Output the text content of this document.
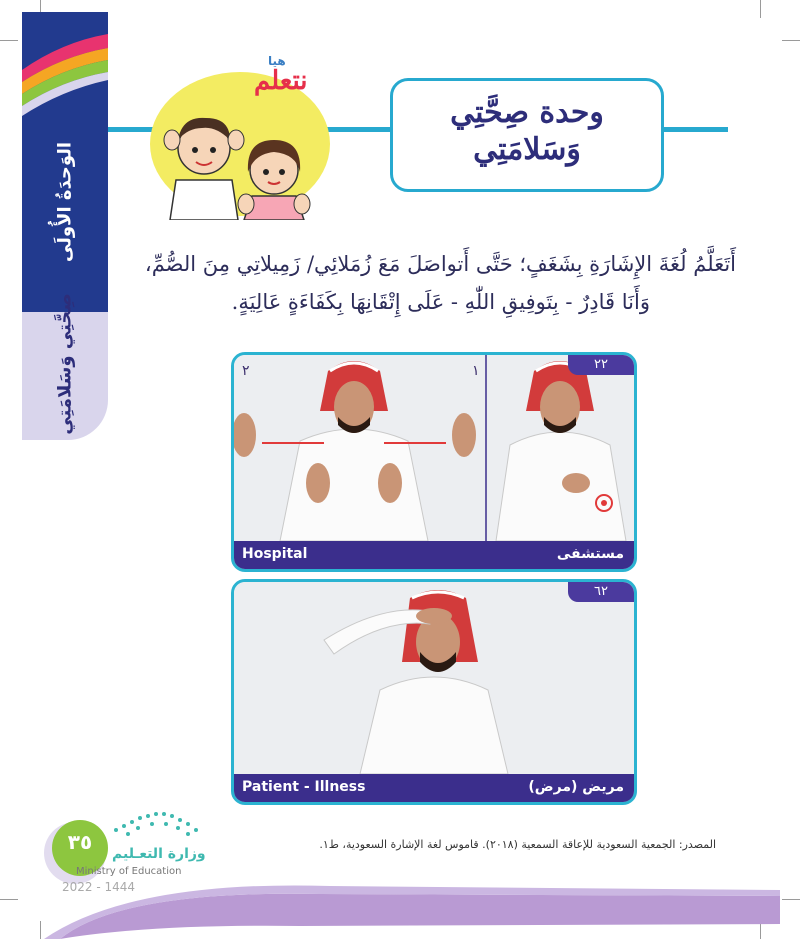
الوَحدَةُ الأُولَى
صِحَّتِي وَسَلامَتِي
هيا
نتعلم
وحدة صِحَّتِي
وَسَلامَتِي
أَتَعَلَّمُ لُغَةَ الإِشَارَةِ بِشَغَفٍ؛ حَتَّى أَتواصَلَ مَعَ زُمَلائِي/ زَمِيلاتِي مِنَ الصُّمِّ،
وَأَنَا قَادِرٌ - بِتَوفِيقِ اللّٰهِ - عَلَى إِتْقَانِهَا بِكَفَاءَةٍ عَالِيَةٍ.
٢٢
٢	١
Hospital	مستشفى
٦٢
Patient - Illness	مريض (مرض)
المصدر: الجمعية السعودية للإعاقة السمعية (٢٠١٨). قاموس لغة الإشارة السعودية، ط١.
٣٥	وزارة التعـليم
Ministry of Education
2022 - 1444
